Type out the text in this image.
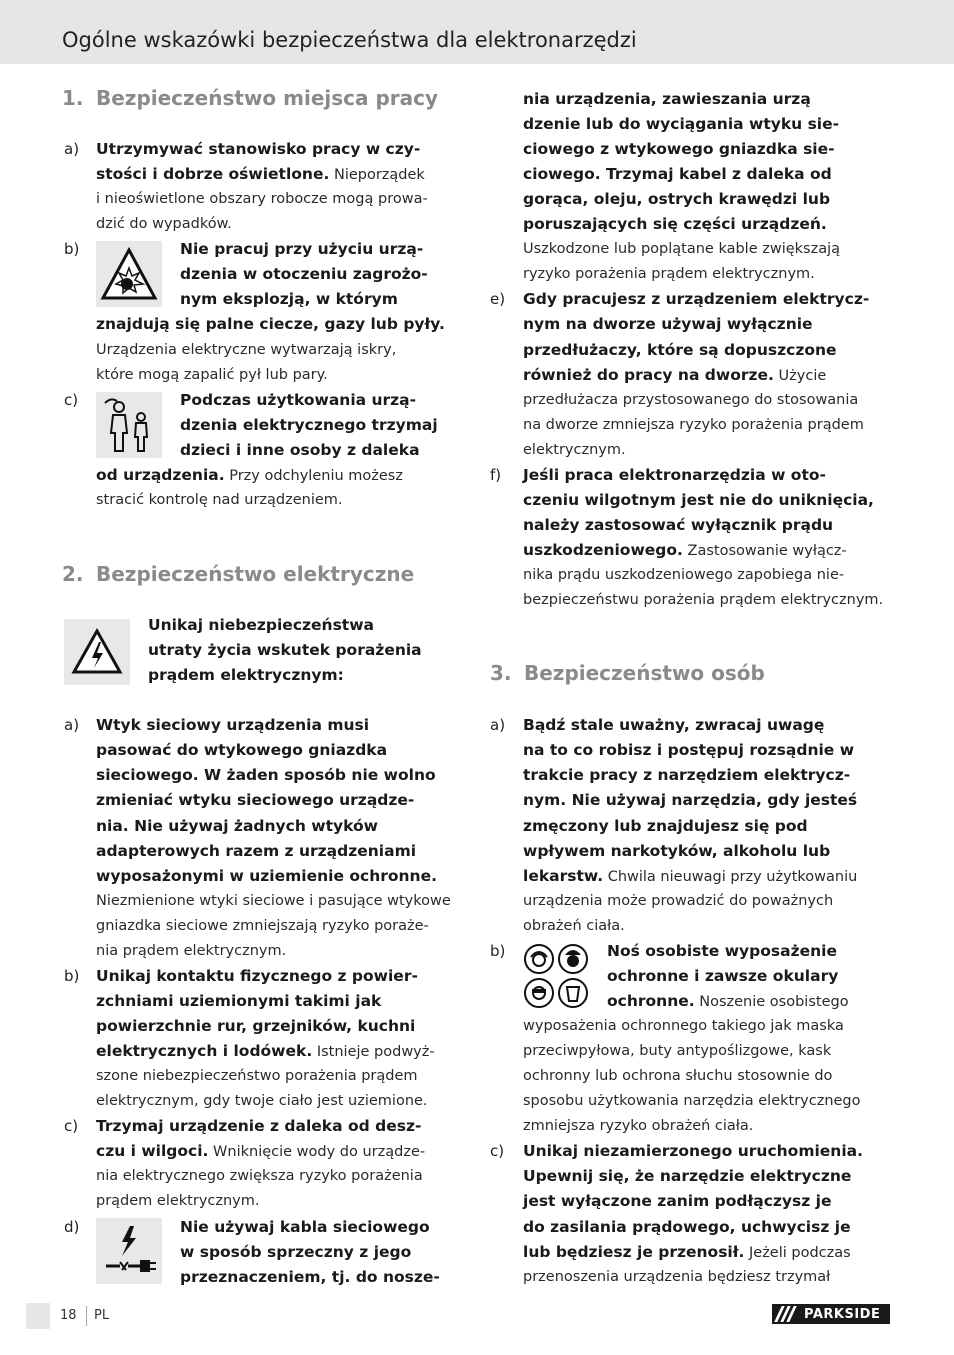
Ogólne wskazówki bezpieczeństwa dla elektronarzędzi
1. Bezpieczeństwo miejsca pracy
a) Utrzymywać stanowisko pracy w czy-
stości i dobrze oświetlone. Nieporządek
i nieoświetlone obszary robocze mogą prowa-
dzić do wypadków.
b)	Nie pracuj przy użyciu urzą-
dzenia w otoczeniu zagrożo-
nym eksplozją, w którym
znajdują się palne ciecze, gazy lub pyły.
Urządzenia elektryczne wytwarzają iskry,
które mogą zapalić pył lub pary.
c)	Podczas użytkowania urzą-
dzenia elektrycznego trzymaj
dzieci i inne osoby z daleka
od urządzenia. Przy odchyleniu możesz
stracić kontrolę nad urządzeniem.
2. Bezpieczeństwo elektryczne
Unikaj niebezpieczeństwa
utraty życia wskutek porażenia
prądem elektrycznym:
a) Wtyk sieciowy urządzenia musi
pasować do wtykowego gniazdka
sieciowego. W żaden sposób nie wolno
zmieniać wtyku sieciowego urządze-
nia. Nie używaj żadnych wtyków
adapterowych razem z urządzeniami
wyposażonymi w uziemienie ochronne.
Niezmienione wtyki sieciowe i pasujące wtykowe
gniazdka sieciowe zmniejszają ryzyko poraże-
nia prądem elektrycznym.
b) Unikaj kontaktu fizycznego z powier-
zchniami uziemionymi takimi jak
powierzchnie rur, grzejników, kuchni
elektrycznych i lodówek. Istnieje podwyż-
szone niebezpieczeństwo porażenia prądem
elektrycznym, gdy twoje ciało jest uziemione.
c) Trzymaj urządzenie z daleka od desz-
czu i wilgoci. Wniknięcie wody do urządze-
nia elektrycznego zwiększa ryzyko porażenia
prądem elektrycznym.
d)	Nie używaj kabla sieciowego
w sposób sprzeczny z jego
przeznaczeniem, tj. do nosze-
nia urządzenia, zawieszania urzą
dzenie lub do wyciągania wtyku sie-
ciowego z wtykowego gniazdka sie-
ciowego. Trzymaj kabel z daleka od
gorąca, oleju, ostrych krawędzi lub
poruszających się części urządzeń.
Uszkodzone lub poplątane kable zwiększają
ryzyko porażenia prądem elektrycznym.
e) Gdy pracujesz z urządzeniem elektrycz-
nym na dworze używaj wyłącznie
przedłużaczy, które są dopuszczone
również do pracy na dworze. Użycie
przedłużacza przystosowanego do stosowania
na dworze zmniejsza ryzyko porażenia prądem
elektrycznym.
f) Jeśli praca elektronarzędzia w oto-
czeniu wilgotnym jest nie do uniknięcia,
należy zastosować wyłącznik prądu
uszkodzeniowego. Zastosowanie wyłącz-
nika prądu uszkodzeniowego zapobiega nie-
bezpieczeństwu porażenia prądem elektrycznym.
3. Bezpieczeństwo osób
a) Bądź stale uważny, zwracaj uwagę
na to co robisz i postępuj rozsądnie w
trakcie pracy z narzędziem elektrycz-
nym. Nie używaj narzędzia, gdy jesteś
zmęczony lub znajdujesz się pod
wpływem narkotyków, alkoholu lub
lekarstw. Chwila nieuwagi przy użytkowaniu
urządzenia może prowadzić do poważnych
obrażeń ciała.
b)	Noś osobiste wyposażenie
ochronne i zawsze okulary
ochronne. Noszenie osobistego
wyposażenia ochronnego takiego jak maska
przeciwpyłowa, buty antypoślizgowe, kask
ochronny lub ochrona słuchu stosownie do
sposobu użytkowania narzędzia elektrycznego
zmniejsza ryzyko obrażeń ciała.
c) Unikaj niezamierzonego uruchomienia.
Upewnij się, że narzędzie elektryczne
jest wyłączone zanim podłączysz je
do zasilania prądowego, uchwycisz je
lub będziesz je przenosił. Jeżeli podczas
przenoszenia urządzenia będziesz trzymał
18 PL	PARKSIDE
